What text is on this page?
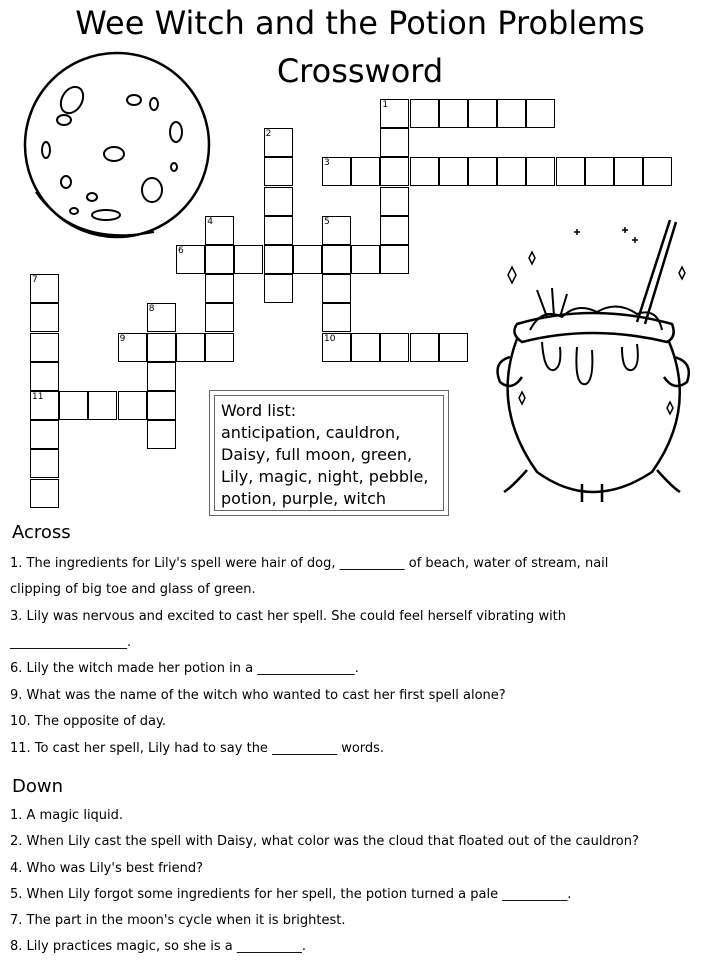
Wee Witch and the Potion Problems
Crossword
1
2
3
4	5
6
7
8
9	10
11
Word list:
anticipation, cauldron,
Daisy, full moon, green,
Lily, magic, night, pebble,
potion, purple, witch
Across
1. The ingredients for Lily's spell were hair of dog, __________ of beach, water of stream, nail
clipping of big toe and glass of green.
3. Lily was nervous and excited to cast her spell. She could feel herself vibrating with
__________________.
6. Lily the witch made her potion in a _______________.
9. What was the name of the witch who wanted to cast her first spell alone?
10. The opposite of day.
11. To cast her spell, Lily had to say the __________ words.
Down
1. A magic liquid.
2. When Lily cast the spell with Daisy, what color was the cloud that floated out of the cauldron?
4. Who was Lily's best friend?
5. When Lily forgot some ingredients for her spell, the potion turned a pale __________.
7. The part in the moon's cycle when it is brightest.
8. Lily practices magic, so she is a __________.
